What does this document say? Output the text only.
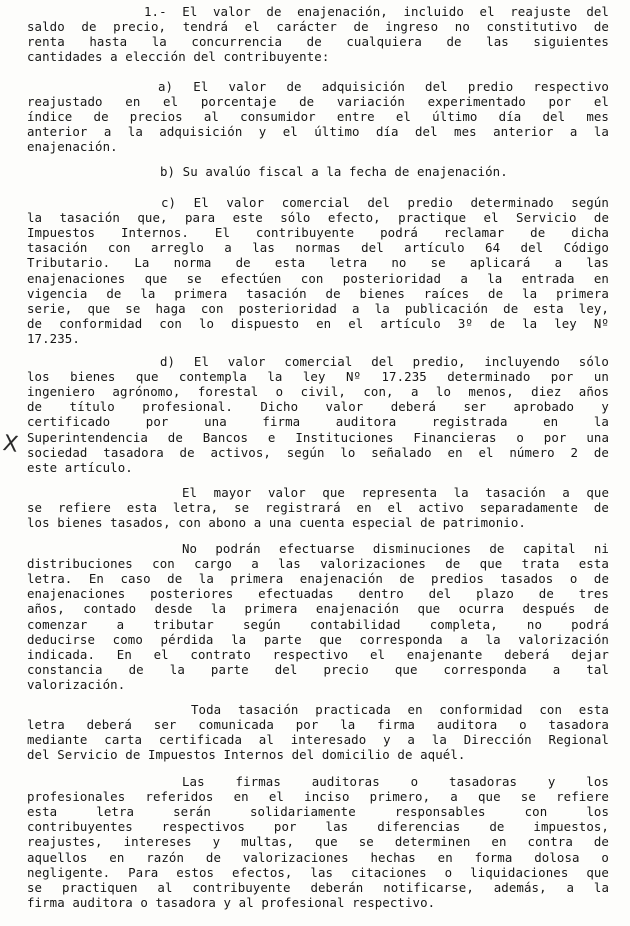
1.- El valor de enajenación, incluido el reajuste del
saldo de precio, tendrá el carácter de ingreso no constitutivo de
renta hasta la concurrencia de cualquiera de las siguientes
cantidades a elección del contribuyente:
a) El valor de adquisición del predio respectivo
reajustado en el porcentaje de variación experimentado por el
índice de precios al consumidor entre el último día del mes
anterior a la adquisición y el último día del mes anterior a la
enajenación.
b) Su avalúo fiscal a la fecha de enajenación.
c) El valor comercial del predio determinado según
la tasación que, para este sólo efecto, practique el Servicio de
Impuestos Internos. El contribuyente podrá reclamar de dicha
tasación con arreglo a las normas del artículo 64 del Código
Tributario. La norma de esta letra no se aplicará a las
enajenaciones que se efectúen con posterioridad a la entrada en
vigencia de la primera tasación de bienes raíces de la primera
serie, que se haga con posterioridad a la publicación de esta ley,
de conformidad con lo dispuesto en el artículo 3º de la ley Nº
17.235.
d) El valor comercial del predio, incluyendo sólo
los bienes que contempla la ley Nº 17.235 determinado por un
ingeniero agrónomo, forestal o civil, con, a lo menos, diez años
de título profesional. Dicho valor deberá ser aprobado y
certificado por una firma auditora registrada en la
Superintendencia de Bancos e Instituciones Financieras o por una
sociedad tasadora de activos, según lo señalado en el número 2 de
este artículo.
El mayor valor que representa la tasación a que
se refiere esta letra, se registrará en el activo separadamente de
los bienes tasados, con abono a una cuenta especial de patrimonio.
No podrán efectuarse disminuciones de capital ni
distribuciones con cargo a las valorizaciones de que trata esta
letra. En caso de la primera enajenación de predios tasados o de
enajenaciones posteriores efectuadas dentro del plazo de tres
años, contado desde la primera enajenación que ocurra después de
comenzar a tributar según contabilidad completa, no podrá
deducirse como pérdida la parte que corresponda a la valorización
indicada. En el contrato respectivo el enajenante deberá dejar
constancia de la parte del precio que corresponda a tal
valorización.
Toda tasación practicada en conformidad con esta
letra deberá ser comunicada por la firma auditora o tasadora
mediante carta certificada al interesado y a la Dirección Regional
del Servicio de Impuestos Internos del domicilio de aquél.
Las firmas auditoras o tasadoras y los
profesionales referidos en el inciso primero, a que se refiere
esta letra serán solidariamente responsables con los
contribuyentes respectivos por las diferencias de impuestos,
reajustes, intereses y multas, que se determinen en contra de
aquellos en razón de valorizaciones hechas en forma dolosa o
negligente. Para estos efectos, las citaciones o liquidaciones que
se practiquen al contribuyente deberán notificarse, además, a la
firma auditora o tasadora y al profesional respectivo.
X
